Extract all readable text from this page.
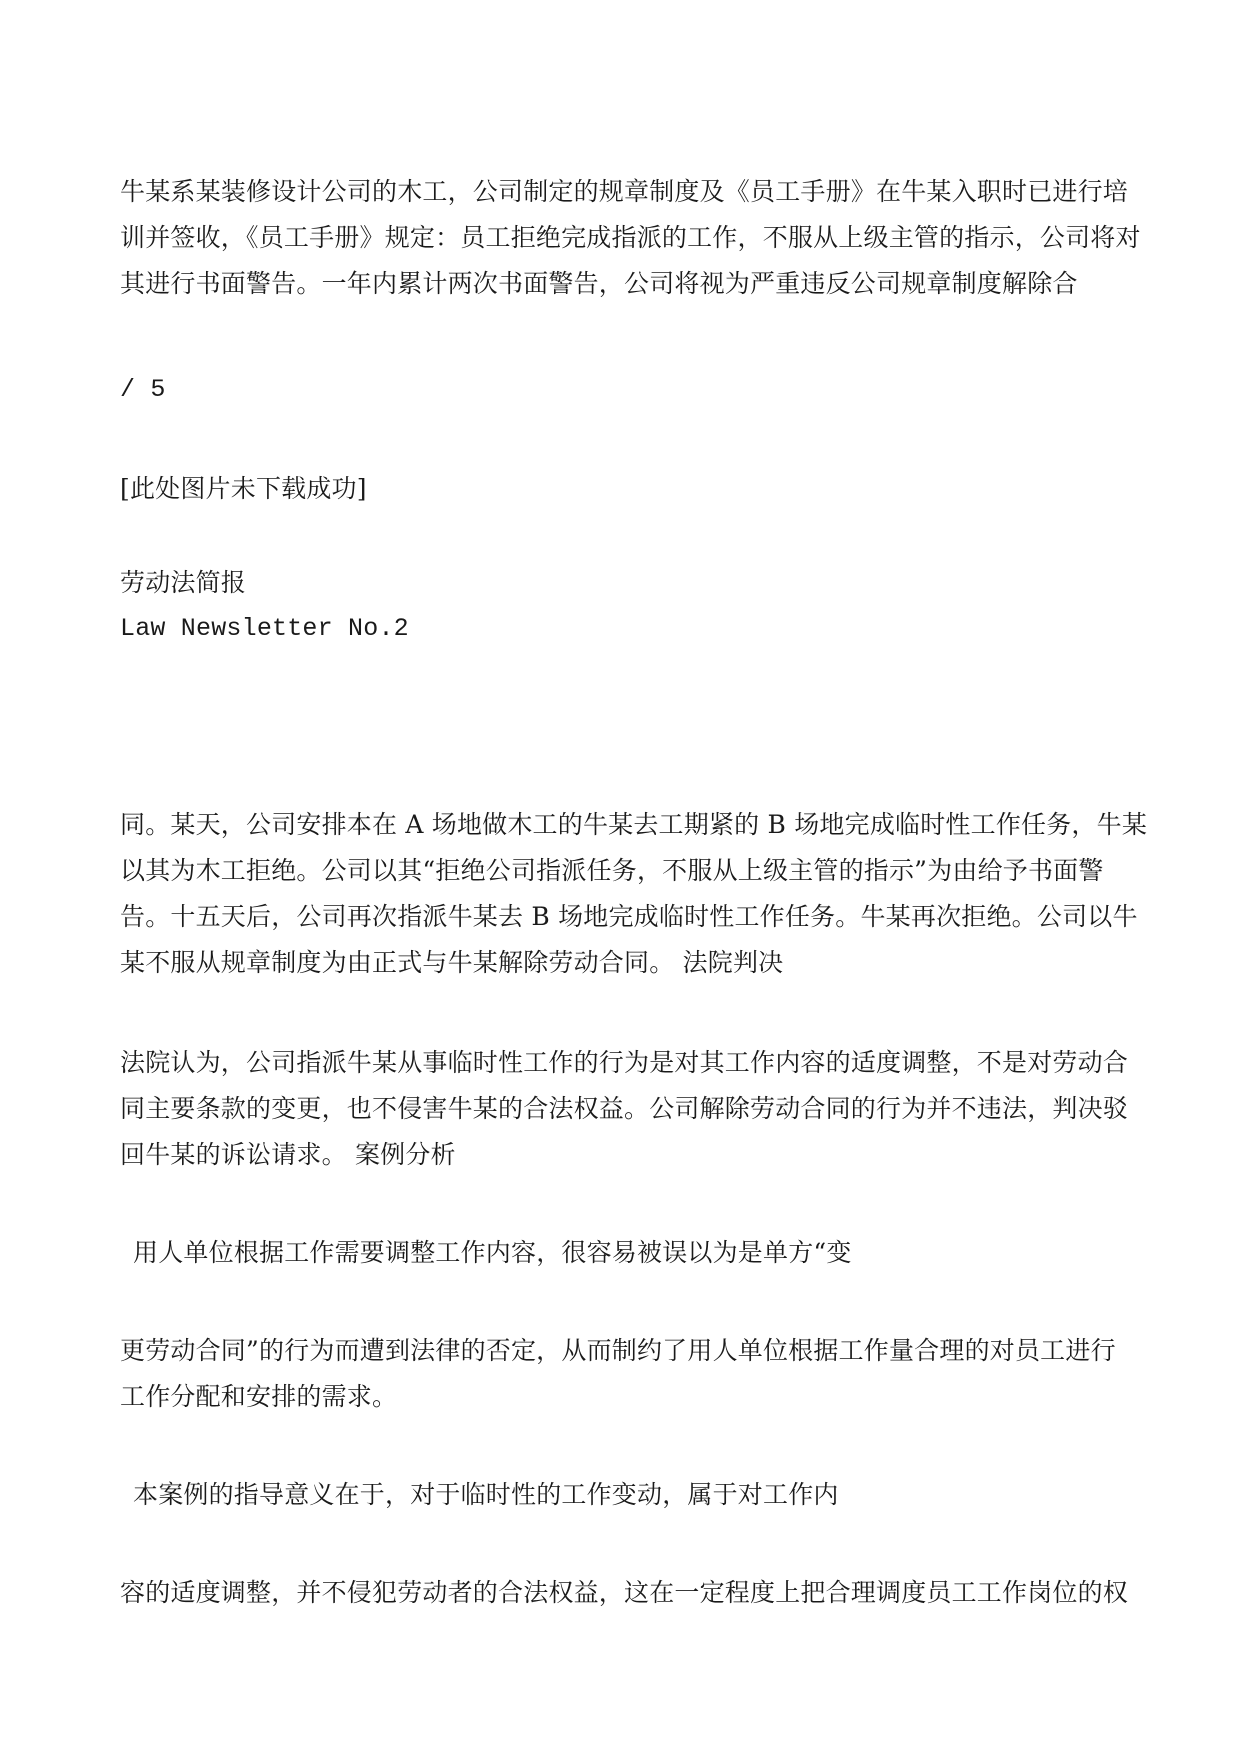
牛某系某装修设计公司的木工，公司制定的规章制度及《员工手册》在牛某入职时已进行培
训并签收，《员工手册》规定：员工拒绝完成指派的工作，不服从上级主管的指示，公司将对
其进行书面警告。一年内累计两次书面警告，公司将视为严重违反公司规章制度解除合
/ 5
[此处图片未下载成功]
劳动法简报
Law Newsletter No.2
同。某天，公司安排本在 A 场地做木工的牛某去工期紧的 B 场地完成临时性工作任务，牛某
以其为木工拒绝。公司以其“拒绝公司指派任务，不服从上级主管的指示”为由给予书面警
告。十五天后，公司再次指派牛某去 B 场地完成临时性工作任务。牛某再次拒绝。公司以牛
某不服从规章制度为由正式与牛某解除劳动合同。 法院判决
法院认为，公司指派牛某从事临时性工作的行为是对其工作内容的适度调整，不是对劳动合
同主要条款的变更，也不侵害牛某的合法权益。公司解除劳动合同的行为并不违法，判决驳
回牛某的诉讼请求。 案例分析
用人单位根据工作需要调整工作内容，很容易被误以为是单方“变
更劳动合同”的行为而遭到法律的否定，从而制约了用人单位根据工作量合理的对员工进行
工作分配和安排的需求。
本案例的指导意义在于，对于临时性的工作变动，属于对工作内
容的适度调整，并不侵犯劳动者的合法权益，这在一定程度上把合理调度员工工作岗位的权
